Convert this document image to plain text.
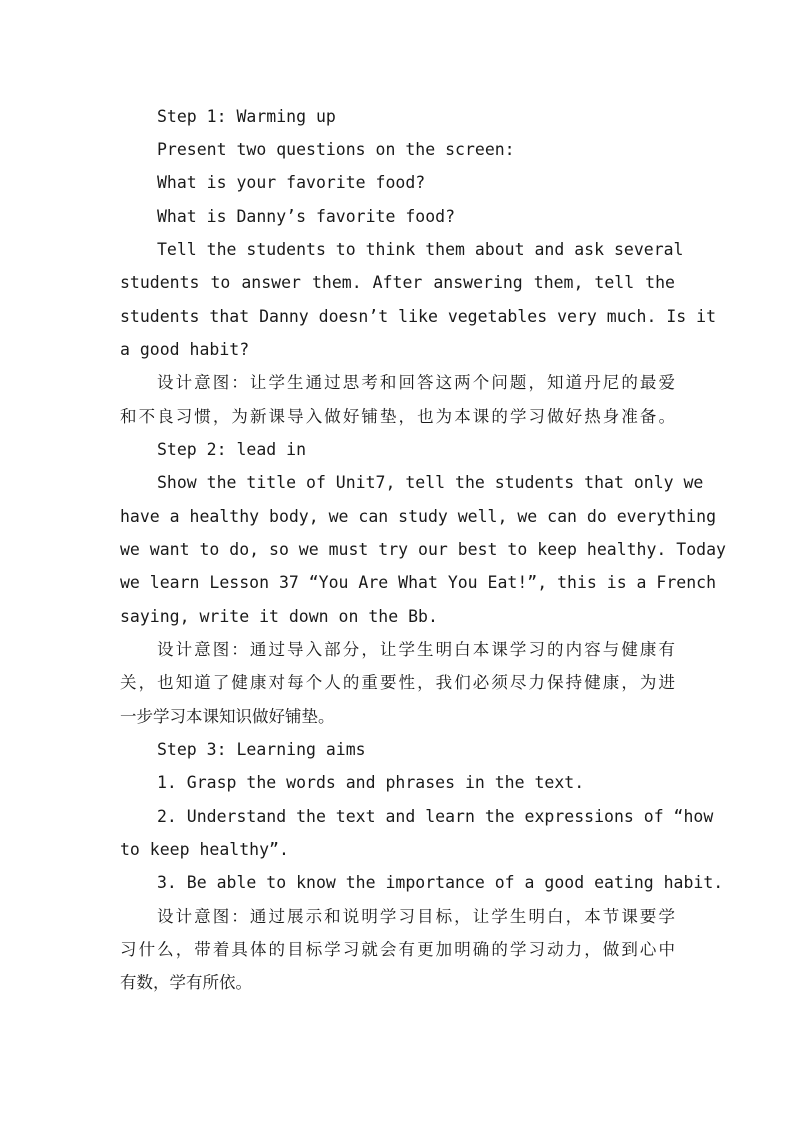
Step 1: Warming up
Present two questions on the screen:
What is your favorite food?
What is Danny’s favorite food?
Tell the students to think them about and ask several
students to answer them. After answering them, tell the
students that Danny doesn’t like vegetables very much. Is it
a good habit?
设计意图：让学生通过思考和回答这两个问题，知道丹尼的最爱
和不良习惯，为新课导入做好铺垫，也为本课的学习做好热身准备。
Step 2: lead in
Show the title of Unit7, tell the students that only we
have a healthy body, we can study well, we can do everything
we want to do, so we must try our best to keep healthy. Today
we learn Lesson 37 “You Are What You Eat!”, this is a French
saying, write it down on the Bb.
设计意图：通过导入部分，让学生明白本课学习的内容与健康有
关，也知道了健康对每个人的重要性，我们必须尽力保持健康，为进
一步学习本课知识做好铺垫。
Step 3: Learning aims
1. Grasp the words and phrases in the text.
2. Understand the text and learn the expressions of “how
to keep healthy”.
3. Be able to know the importance of a good eating habit.
设计意图：通过展示和说明学习目标，让学生明白，本节课要学
习什么，带着具体的目标学习就会有更加明确的学习动力，做到心中
有数，学有所依。
